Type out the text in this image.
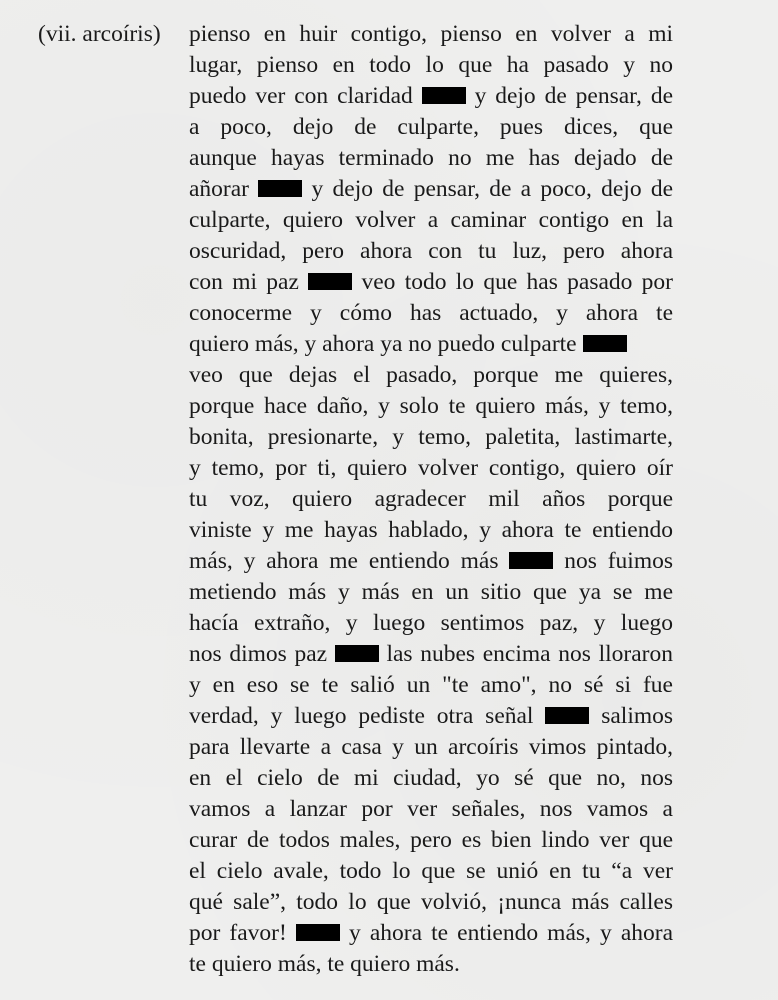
(vii. arcoíris) pienso en huir contigo, pienso en volver a mi
lugar, pienso en todo lo que ha pasado y no
puedo ver con claridad	y dejo de pensar, de
a poco, dejo de culparte, pues dices, que
aunque hayas terminado no me has dejado de
añorar	y dejo de pensar, de a poco, dejo de
culparte, quiero volver a caminar contigo en la
oscuridad, pero ahora con tu luz, pero ahora
con mi paz	veo todo lo que has pasado por
conocerme y cómo has actuado, y ahora te
quiero más, y ahora ya no puedo culparte
veo que dejas el pasado, porque me quieres,
porque hace daño, y solo te quiero más, y temo,
bonita, presionarte, y temo, paletita, lastimarte,
y temo, por ti, quiero volver contigo, quiero oír
tu voz, quiero agradecer mil años porque
viniste y me hayas hablado, y ahora te entiendo
más, y ahora me entiendo más	nos fuimos
metiendo más y más en un sitio que ya se me
hacía extraño, y luego sentimos paz, y luego
nos dimos paz	las nubes encima nos lloraron
y en eso se te salió un "te amo", no sé si fue
verdad, y luego pediste otra señal	salimos
para llevarte a casa y un arcoíris vimos pintado,
en el cielo de mi ciudad, yo sé que no, nos
vamos a lanzar por ver señales, nos vamos a
curar de todos males, pero es bien lindo ver que
el cielo avale, todo lo que se unió en tu “a ver
qué sale”, todo lo que volvió, ¡nunca más calles
por favor!	y ahora te entiendo más, y ahora
te quiero más, te quiero más.
